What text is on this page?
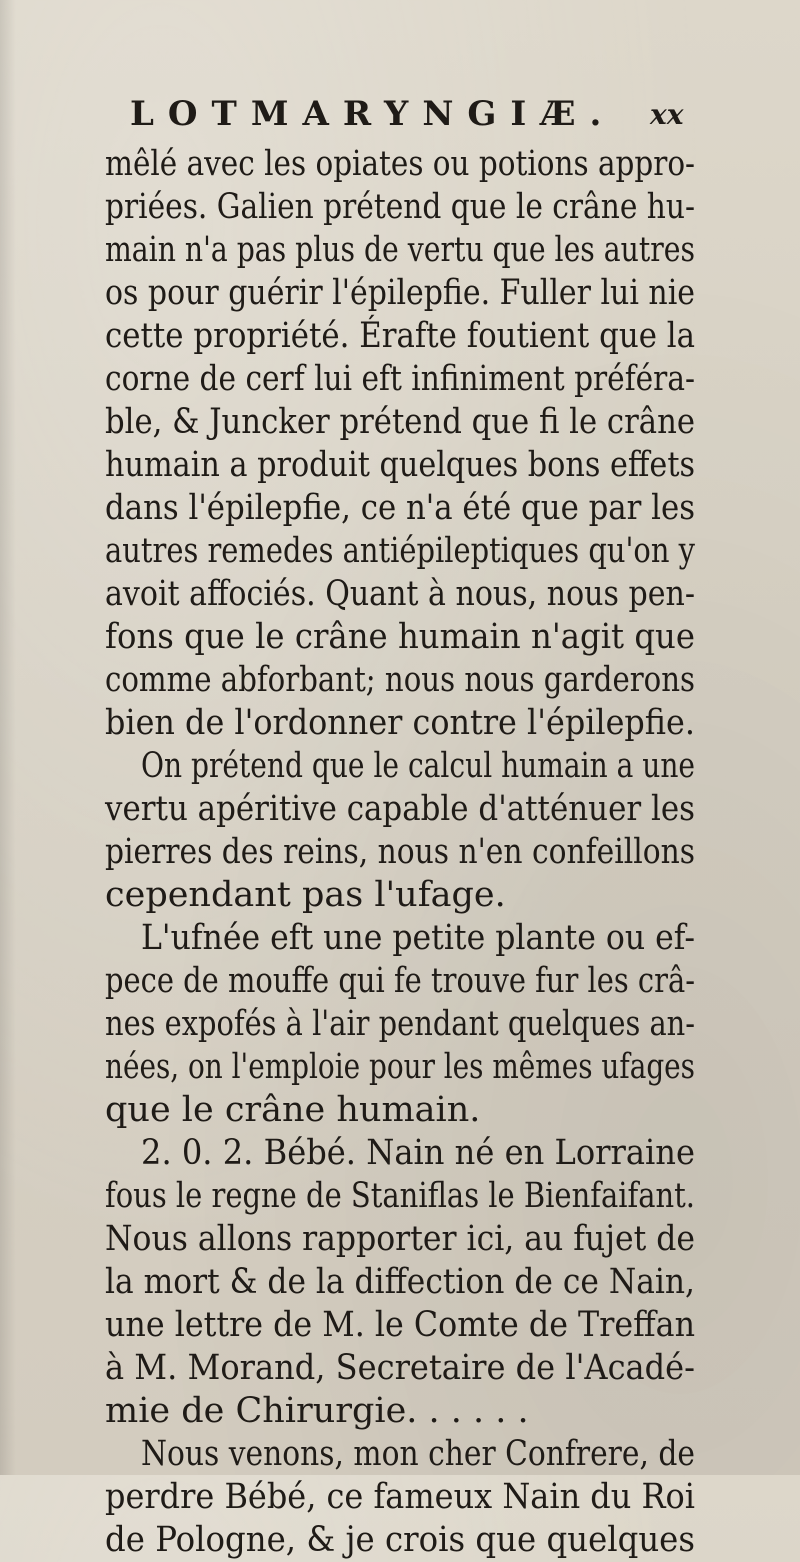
LOTMARYNGIÆ. xx
mêlé avec les opiates ou potions appro-
priées. Galien prétend que le crâne hu-
main n'a pas plus de vertu que les autres
os pour guérir l'épilepfie. Fuller lui nie
cette propriété. Érafte foutient que la
corne de cerf lui eft infiniment préféra-
ble, & Juncker prétend que fi le crâne
humain a produit quelques bons effets
dans l'épilepfie, ce n'a été que par les
autres remedes antiépileptiques qu'on y
avoit affociés. Quant à nous, nous pen-
fons que le crâne humain n'agit que
comme abforbant; nous nous garderons
bien de l'ordonner contre l'épilepfie.
On prétend que le calcul humain a une
vertu apéritive capable d'atténuer les
pierres des reins, nous n'en confeillons
cependant pas l'ufage.
L'ufnée eft une petite plante ou ef-
pece de mouffe qui fe trouve fur les crâ-
nes expofés à l'air pendant quelques an-
nées, on l'emploie pour les mêmes ufages
que le crâne humain.
2. 0. 2. Bébé. Nain né en Lorraine
fous le regne de Staniflas le Bienfaifant.
Nous allons rapporter ici, au fujet de
la mort & de la diffection de ce Nain,
une lettre de M. le Comte de Treffan
à M. Morand, Secretaire de l'Acadé-
mie de Chirurgie. . . . . .
Nous venons, mon cher Confrere, de
perdre Bébé, ce fameux Nain du Roi
de Pologne, & je crois que quelques
